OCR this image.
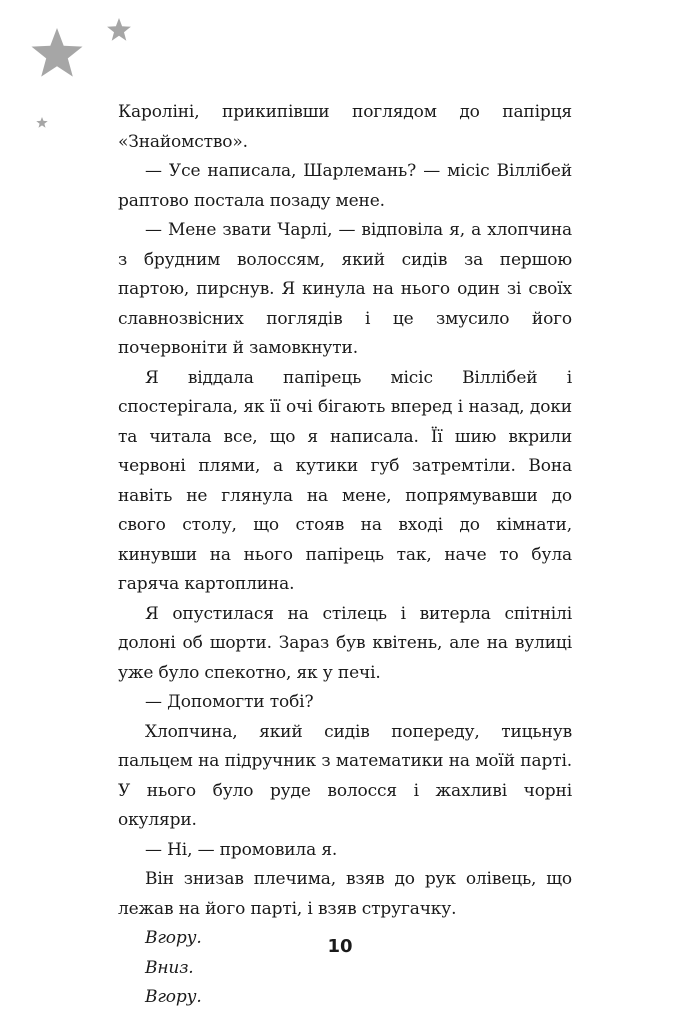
Кароліні, прикипівши поглядом до папірця «Знайомство».

— Усе написала, Шарлемань? — місіс Віллібей раптово постала позаду мене.

— Мене звати Чарлі, — відповіла я, а хлопчина з брудним волоссям, який сидів за першою партою, пирснув. Я кинула на нього один зі своїх славнозвісних поглядів і це змусило його почервоніти й замовкнути.

Я віддала папірець місіс Віллібей і спостерігала, як її очі бігають вперед і назад, доки та читала все, що я написала. Її шию вкрили червоні плями, а кутики губ затремтіли. Вона навіть не глянула на мене, попрямувавши до свого столу, що стояв на вході до кімнати, кинувши на нього папірець так, наче то була гаряча картоплина.

Я опустилася на стілець і витерла спітнілі долоні об шорти. Зараз був квітень, але на вулиці уже було спекотно, як у печі.

— Допомогти тобі?

Хлопчина, який сидів попереду, тицьнув пальцем на підручник з математики на моїй парті. У нього було руде волосся і жахливі чорні окуляри.

— Ні, — промовила я.

Він знизав плечима, взяв до рук олівець, що лежав на його парті, і взяв стругачку.

Вгору.

Вниз.

Вгору.

10
